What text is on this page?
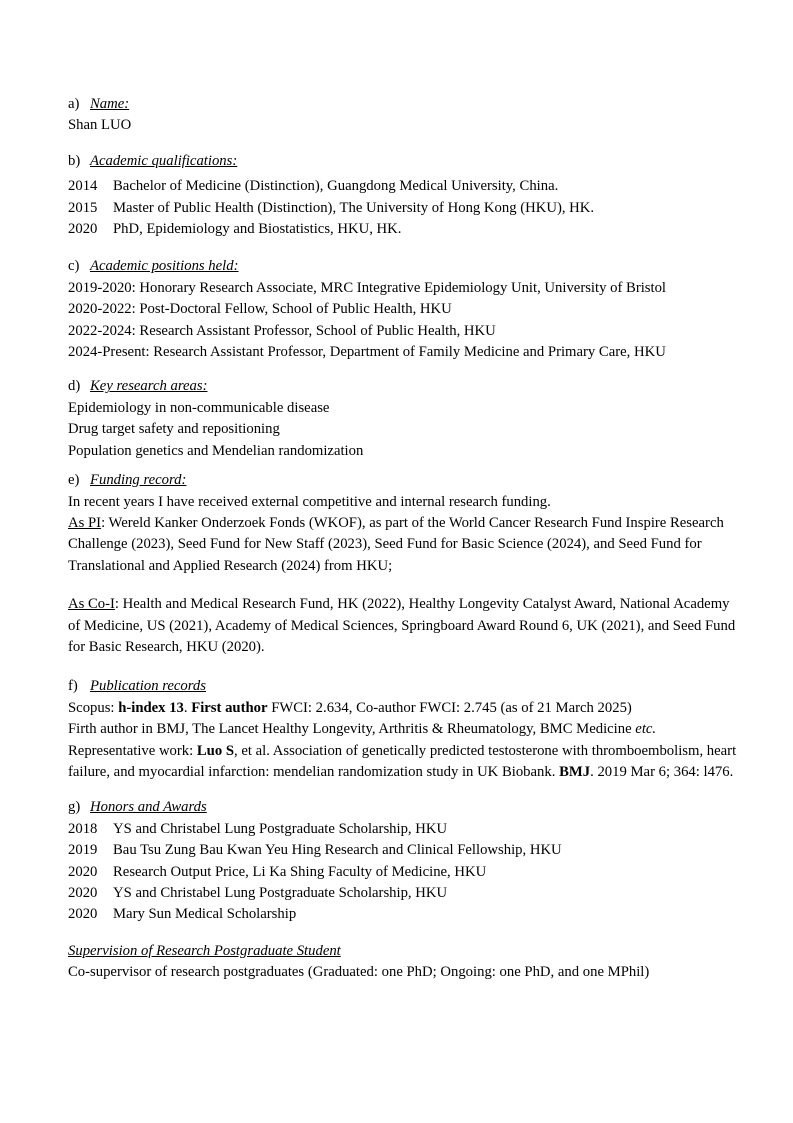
a) Name:
Shan LUO
b) Academic qualifications:
2014	Bachelor of Medicine (Distinction), Guangdong Medical University, China.
2015	Master of Public Health (Distinction), The University of Hong Kong (HKU), HK.
2020	PhD, Epidemiology and Biostatistics, HKU, HK.
c) Academic positions held:
2019-2020: Honorary Research Associate, MRC Integrative Epidemiology Unit, University of Bristol
2020-2022: Post-Doctoral Fellow, School of Public Health, HKU
2022-2024: Research Assistant Professor, School of Public Health, HKU
2024-Present: Research Assistant Professor, Department of Family Medicine and Primary Care, HKU
d) Key research areas:
Epidemiology in non-communicable disease
Drug target safety and repositioning
Population genetics and Mendelian randomization
e) Funding record:
In recent years I have received external competitive and internal research funding.

As PI: Wereld Kanker Onderzoek Fonds (WKOF), as part of the World Cancer Research Fund Inspire Research Challenge (2023), Seed Fund for New Staff (2023), Seed Fund for Basic Science (2024), and Seed Fund for Translational and Applied Research (2024) from HKU;

As Co-I: Health and Medical Research Fund, HK (2022), Healthy Longevity Catalyst Award, National Academy of Medicine, US (2021), Academy of Medical Sciences, Springboard Award Round 6, UK (2021), and Seed Fund for Basic Research, HKU (2020).

f) Publication records
Scopus: h-index 13. First author FWCI: 2.634, Co-author FWCI: 2.745 (as of 21 March 2025)
Firth author in BMJ, The Lancet Healthy Longevity, Arthritis & Rheumatology, BMC Medicine etc.

Representative work: Luo S, et al. Association of genetically predicted testosterone with thromboembolism, heart failure, and myocardial infarction: mendelian randomization study in UK Biobank. BMJ. 2019 Mar 6; 364: l476.

g) Honors and Awards
2018	YS and Christabel Lung Postgraduate Scholarship, HKU
2019	Bau Tsu Zung Bau Kwan Yeu Hing Research and Clinical Fellowship, HKU
2020	Research Output Price, Li Ka Shing Faculty of Medicine, HKU
2020	YS and Christabel Lung Postgraduate Scholarship, HKU
2020	Mary Sun Medical Scholarship
Supervision of Research Postgraduate Student
Co-supervisor of research postgraduates (Graduated: one PhD; Ongoing: one PhD, and one MPhil)
